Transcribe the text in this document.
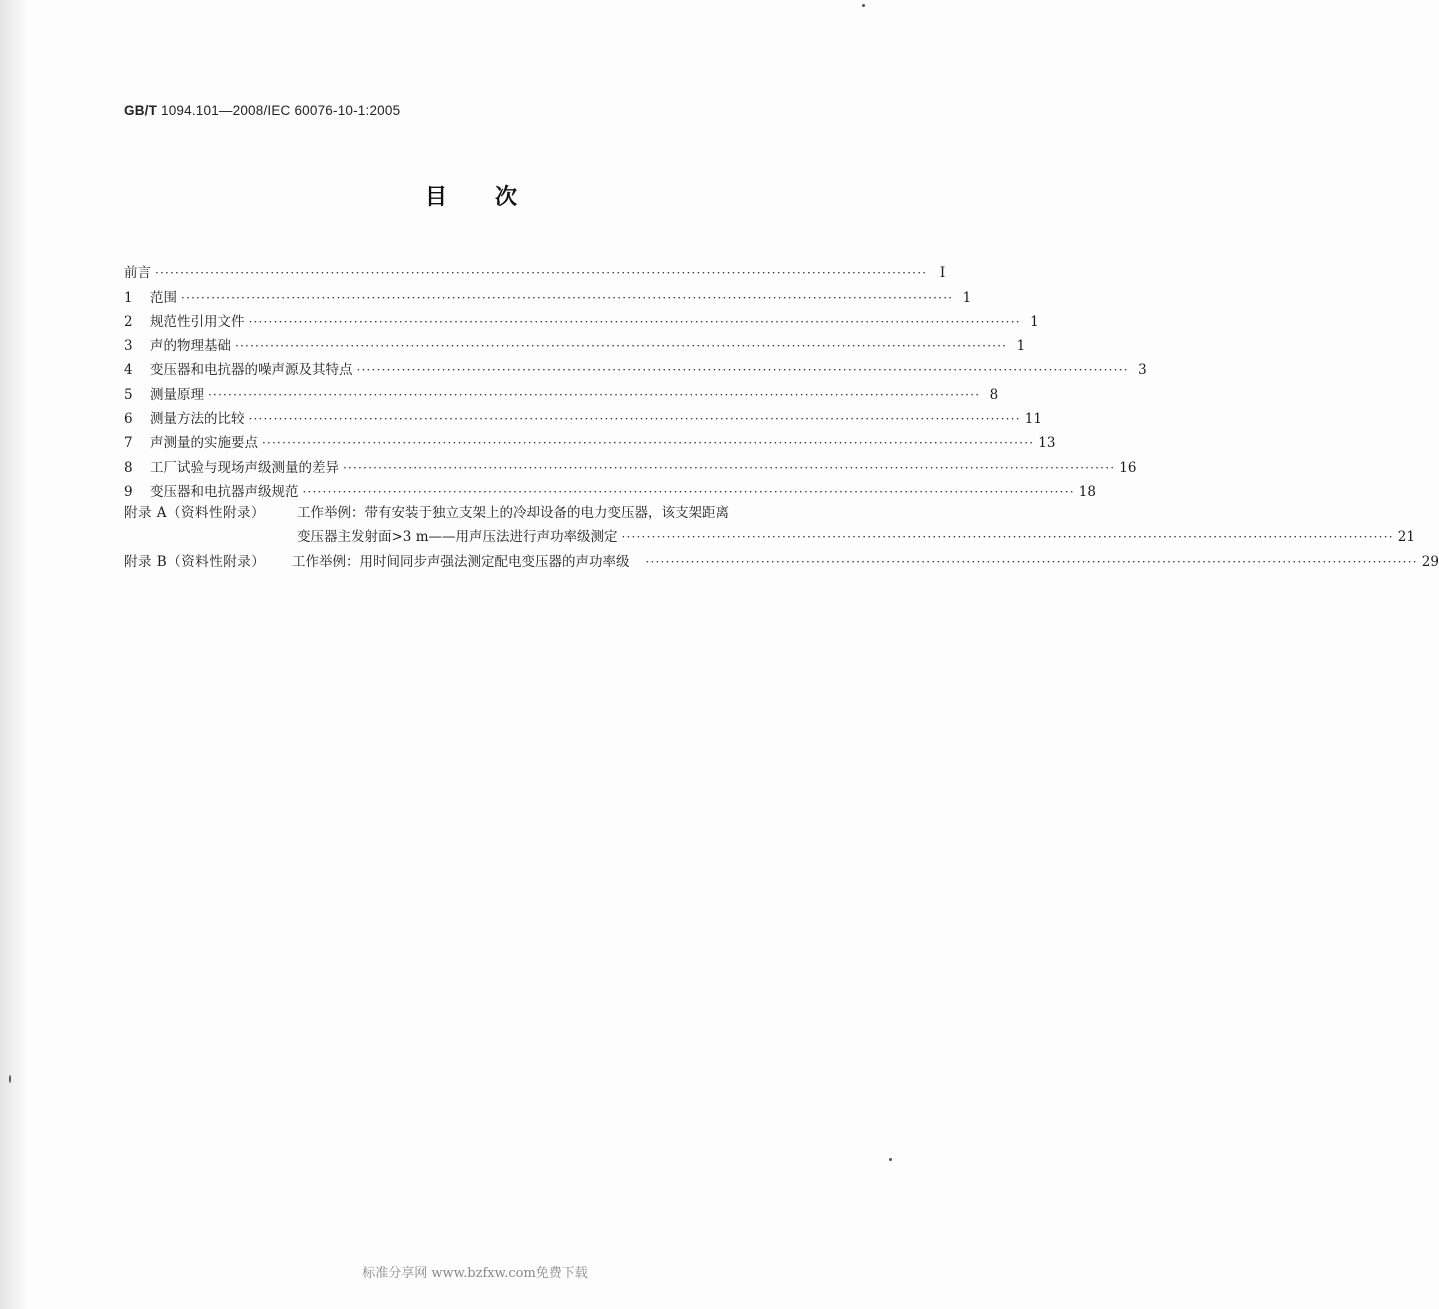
GB/T 1094.101—2008/IEC 60076-10-1:2005
目次
前言 ·························································································································································· I
1	范围 ·························································································································································· 1
2	规范性引用文件 ·························································································································································· 1
3	声的物理基础 ·························································································································································· 1
4	变压器和电抗器的噪声源及其特点 ·························································································································································· 3
5	测量原理 ·························································································································································· 8
6	测量方法的比较 ·························································································································································· 11
7	声测量的实施要点 ·························································································································································· 13
8	工厂试验与现场声级测量的差异 ·························································································································································· 16
9	变压器和电抗器声级规范 ·························································································································································· 18
附录 A（资料性附录）	工作举例：带有安装于独立支架上的冷却设备的电力变压器，该支架距离
变压器主发射面>3 m——用声压法进行声功率级测定 ·························································································································································· 21
附录 B（资料性附录）	工作举例：用时间同步声强法测定配电变压器的声功率级 ·························································································································································· 29
标准分享网 www.bzfxw.com免费下载
